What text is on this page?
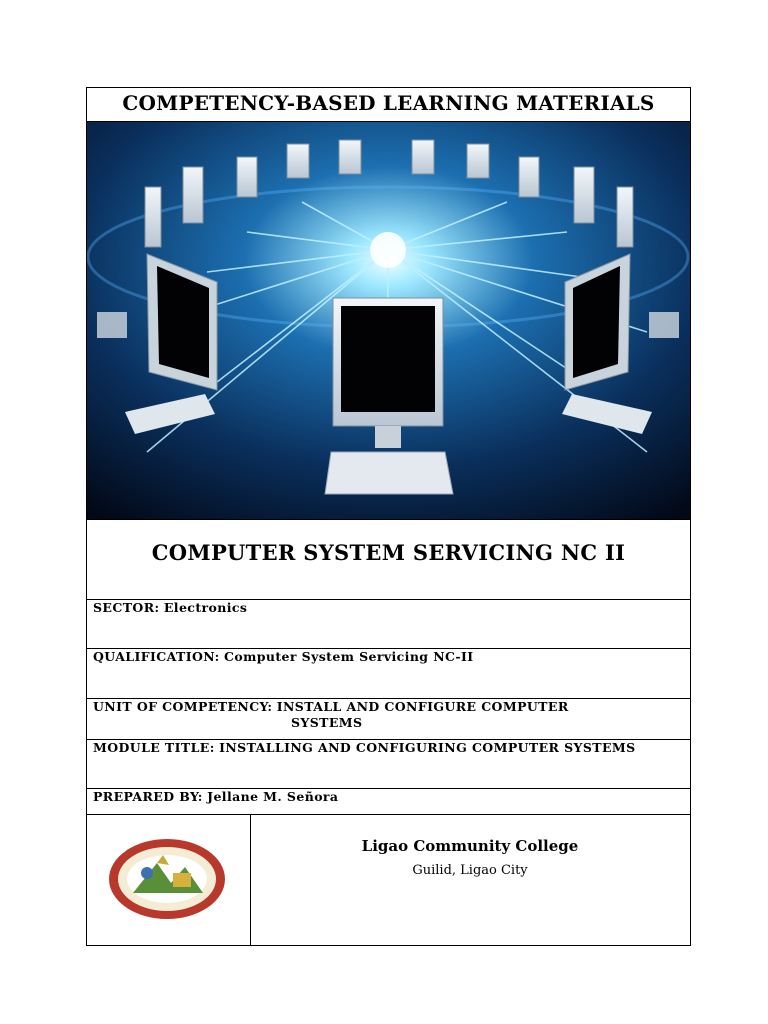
COMPETENCY-BASED LEARNING MATERIALS
COMPUTER SYSTEM SERVICING NC II
SECTOR: Electronics
QUALIFICATION: Computer System Servicing NC-II
UNIT OF COMPETENCY: INSTALL AND CONFIGURE COMPUTER
SYSTEMS
MODULE TITLE: INSTALLING AND CONFIGURING COMPUTER SYSTEMS
PREPARED BY: Jellane M. Señora
Ligao Community College
Guilid, Ligao City
